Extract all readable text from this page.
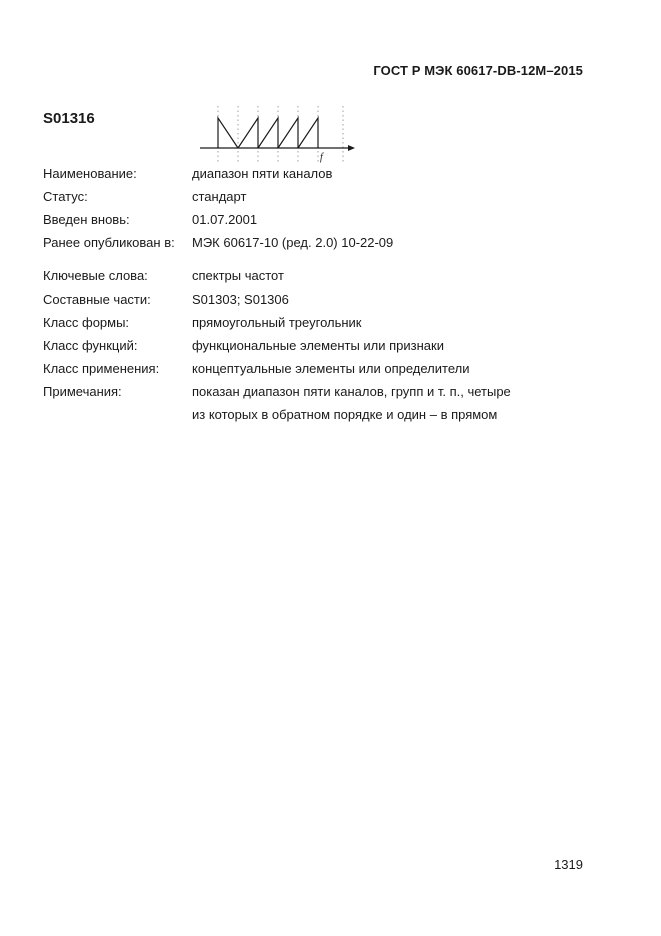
ГОСТ Р МЭК 60617-DB-12M–2015
S01316
f
Наименование:	диапазон пяти каналов
Статус:	стандарт
Введен вновь:	01.07.2001
Ранее опубликован в: МЭК 60617-10 (ред. 2.0) 10-22-09
Ключевые слова:	спектры частот
Составные части:	S01303; S01306
Класс формы:	прямоугольный треугольник
Класс функций:	функциональные элементы или признаки
Класс применения:	концептуальные элементы или определители
Примечания:	показан диапазон пяти каналов, групп и т. п., четыре
из которых в обратном порядке и один – в прямом
1319
